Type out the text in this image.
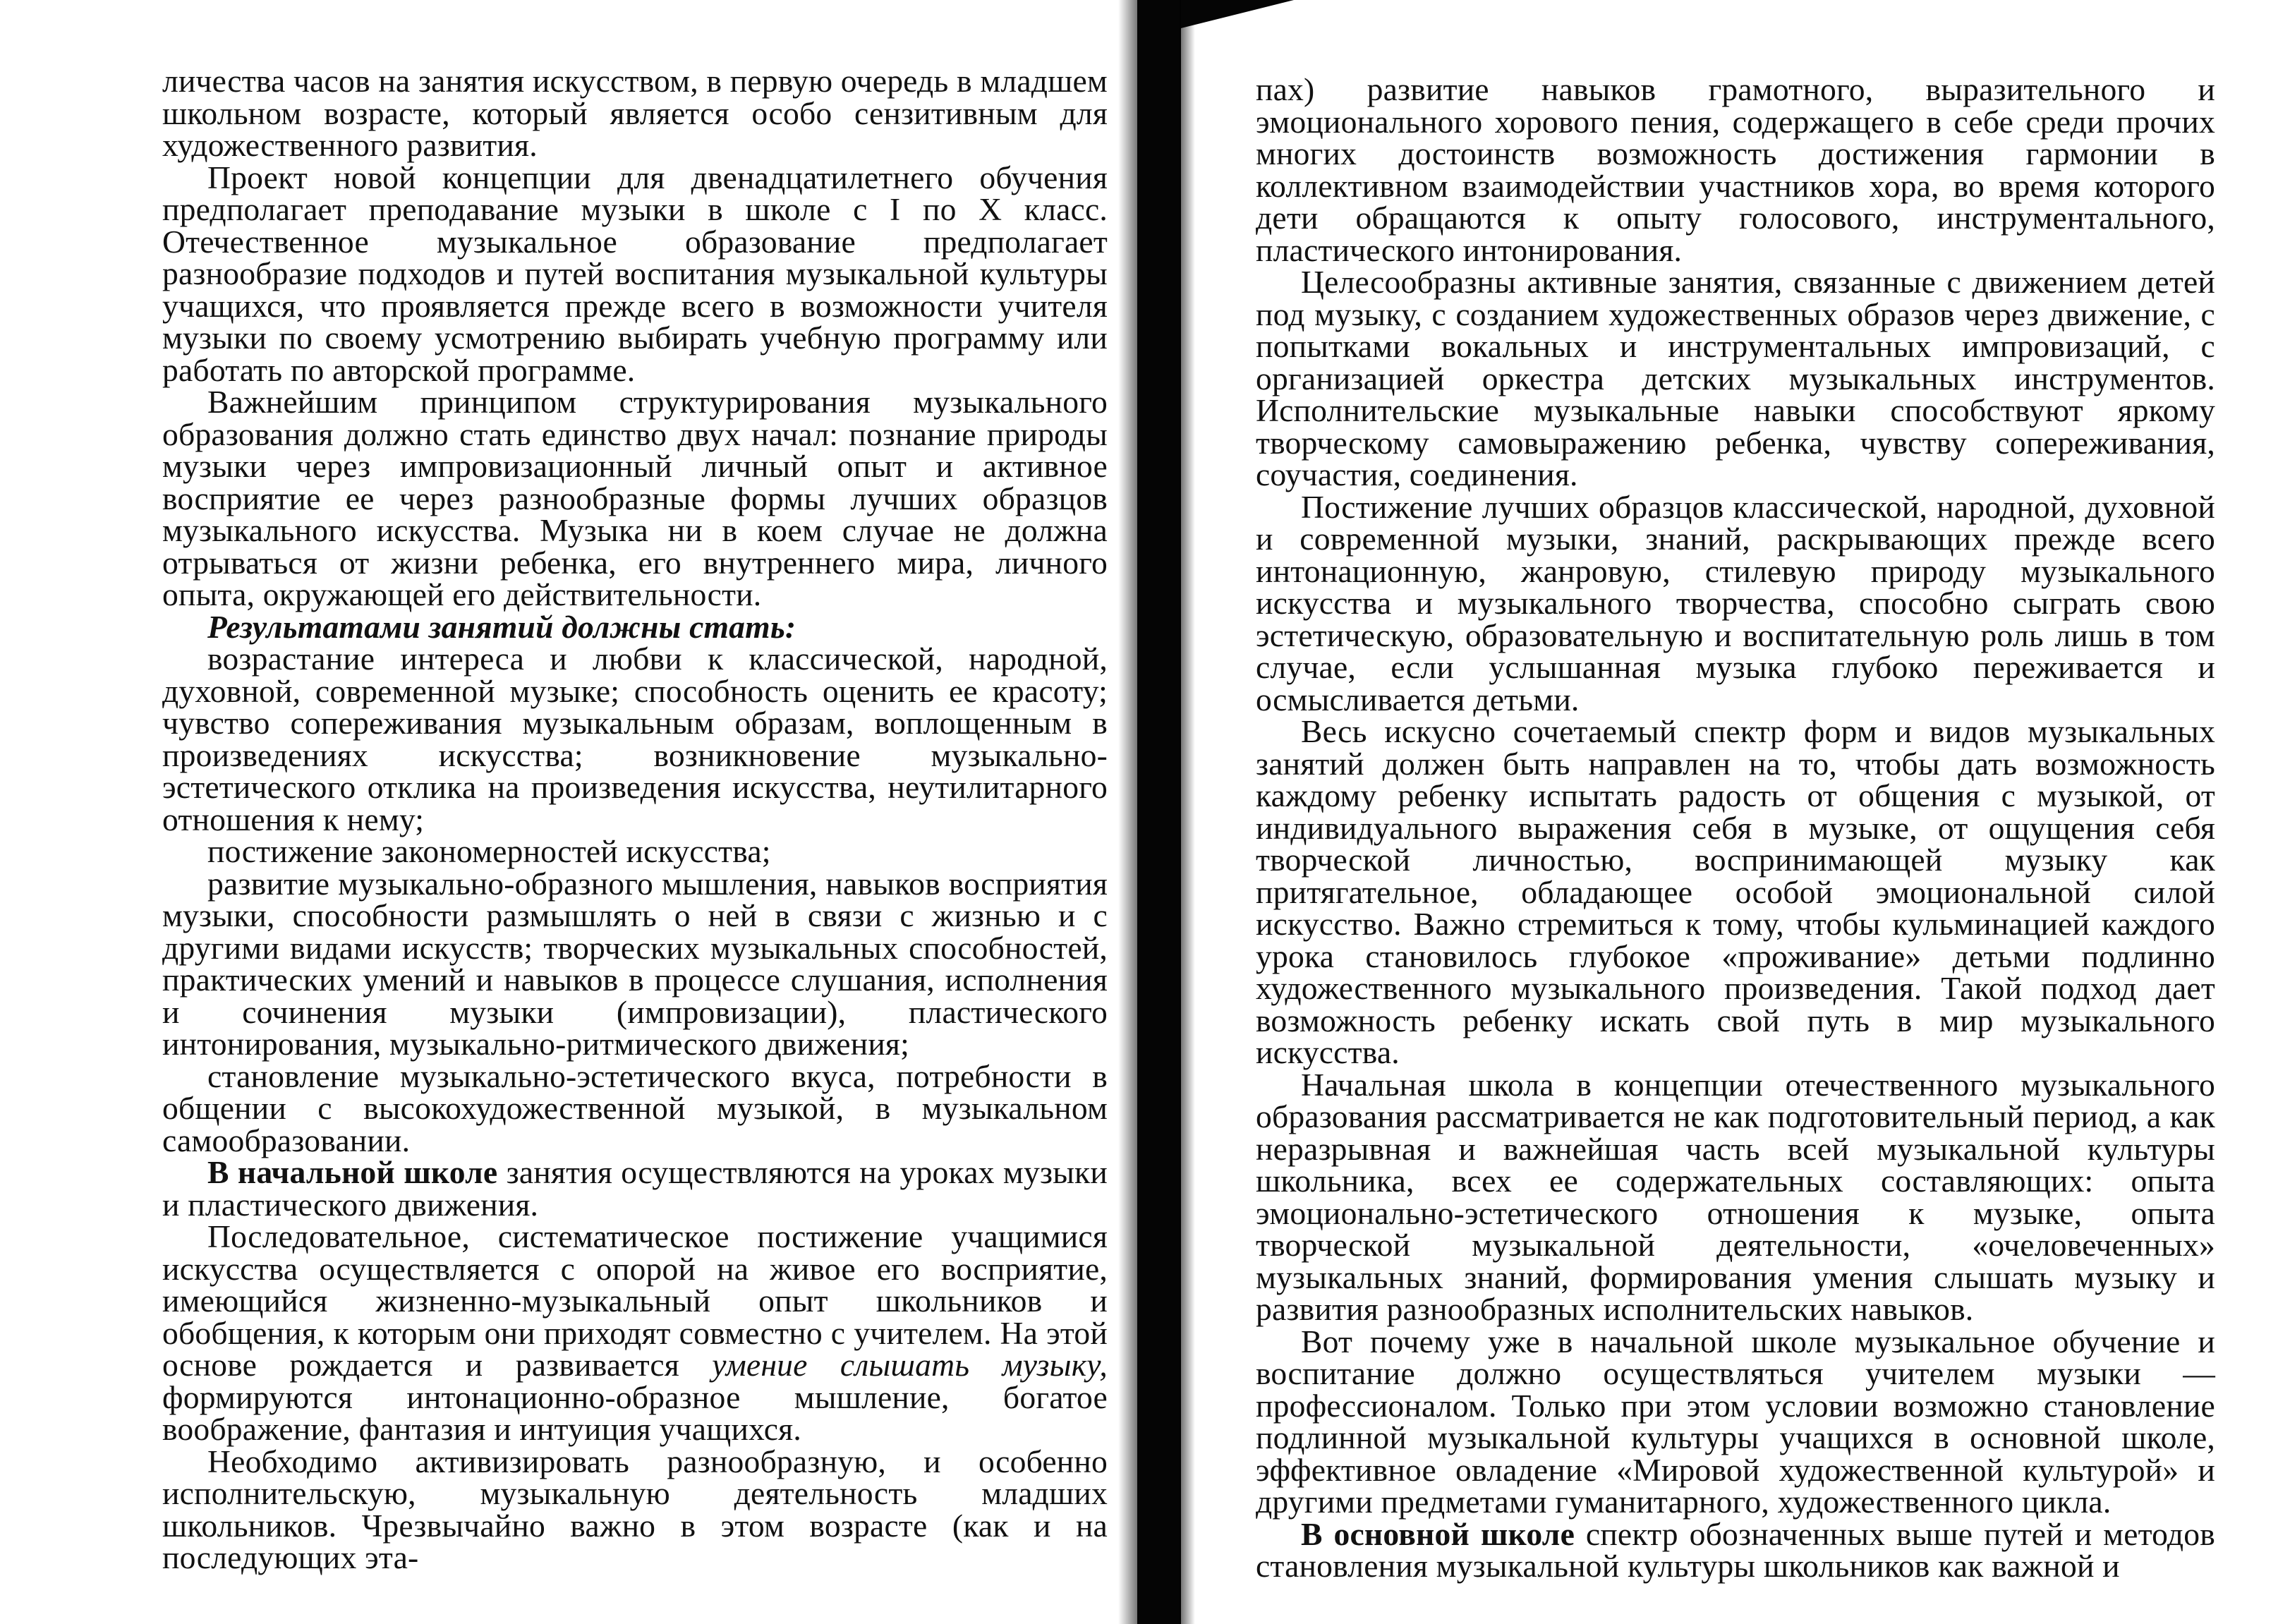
личества часов на занятия искусством, в первую очередь в младшем школьном возрасте, который является особо сензитивным для художественного развития.

Проект новой концепции для двенадцатилетнего обучения предполагает преподавание музыки в школе с I по X класс. Отечественное музыкальное образование предполагает разнообразие подходов и путей воспитания музыкальной культуры учащихся, что проявляется прежде всего в возможности учителя музыки по своему усмотрению выбирать учебную программу или работать по авторской программе.

Важнейшим принципом структурирования музыкального образования должно стать единство двух начал: познание природы музыки через импровизационный личный опыт и активное восприятие ее через разнообразные формы лучших образцов музыкального искусства. Музыка ни в коем случае не должна отрываться от жизни ребенка, его внутреннего мира, личного опыта, окружающей его действительности.

Результатами занятий должны стать:

возрастание интереса и любви к классической, народной, духовной, современной музыке; способность оценить ее красоту; чувство сопереживания музыкальным образам, воплощенным в произведениях искусства; возникновение музыкально-эстетического отклика на произведения искусства, неутилитарного отношения к нему;

постижение закономерностей искусства;

развитие музыкально-образного мышления, навыков восприятия музыки, способности размышлять о ней в связи с жизнью и с другими видами искусств; творческих музыкальных способностей, практических умений и навыков в процессе слушания, исполнения и сочинения музыки (импровизации), пластического интонирования, музыкально-ритмического движения;

становление музыкально-эстетического вкуса, потребности в общении с высокохудожественной музыкой, в музыкальном самообразовании.

В начальной школе занятия осуществляются на уроках музыки и пластического движения.

Последовательное, систематическое постижение учащимися искусства осуществляется с опорой на живое его восприятие, имеющийся жизненно-музыкальный опыт школьников и обобщения, к которым они приходят совместно с учителем. На этой основе рождается и развивается умение слышать музыку, формируются интонационно-образное мышление, богатое воображение, фантазия и интуиция учащихся.

Необходимо активизировать разнообразную, и особенно исполнительскую, музыкальную деятельность младших школьников. Чрезвычайно важно в этом возрасте (как и на последующих эта-

пах) развитие навыков грамотного, выразительного и эмоционального хорового пения, содержащего в себе среди прочих многих достоинств возможность достижения гармонии в коллективном взаимодействии участников хора, во время которого дети обращаются к опыту голосового, инструментального, пластического интонирования.

Целесообразны активные занятия, связанные с движением детей под музыку, с созданием художественных образов через движение, с попытками вокальных и инструментальных импровизаций, с организацией оркестра детских музыкальных инструментов. Исполнительские музыкальные навыки способствуют яркому творческому самовыражению ребенка, чувству сопереживания, соучастия, соединения.

Постижение лучших образцов классической, народной, духовной и современной музыки, знаний, раскрывающих прежде всего интонационную, жанровую, стилевую природу музыкального искусства и музыкального творчества, способно сыграть свою эстетическую, образовательную и воспитательную роль лишь в том случае, если услышанная музыка глубоко переживается и осмысливается детьми.

Весь искусно сочетаемый спектр форм и видов музыкальных занятий должен быть направлен на то, чтобы дать возможность каждому ребенку испытать радость от общения с музыкой, от индивидуального выражения себя в музыке, от ощущения себя творческой личностью, воспринимающей музыку как притягательное, обладающее особой эмоциональной силой искусство. Важно стремиться к тому, чтобы кульминацией каждого урока становилось глубокое «проживание» детьми подлинно художественного музыкального произведения. Такой подход дает возможность ребенку искать свой путь в мир музыкального искусства.

Начальная школа в концепции отечественного музыкального образования рассматривается не как подготовительный период, а как неразрывная и важнейшая часть всей музыкальной культуры школьника, всех ее содержательных составляющих: опыта эмоционально-эстетического отношения к музыке, опыта творческой музыкальной деятельности, «очеловеченных» музыкальных знаний, формирования умения слышать музыку и развития разнообразных исполнительских навыков.

Вот почему уже в начальной школе музыкальное обучение и воспитание должно осуществляться учителем музыки — профессионалом. Только при этом условии возможно становление подлинной музыкальной культуры учащихся в основной школе, эффективное овладение «Мировой художественной культурой» и другими предметами гуманитарного, художественного цикла.

В основной школе спектр обозначенных выше путей и методов становления музыкальной культуры школьников как важной и
